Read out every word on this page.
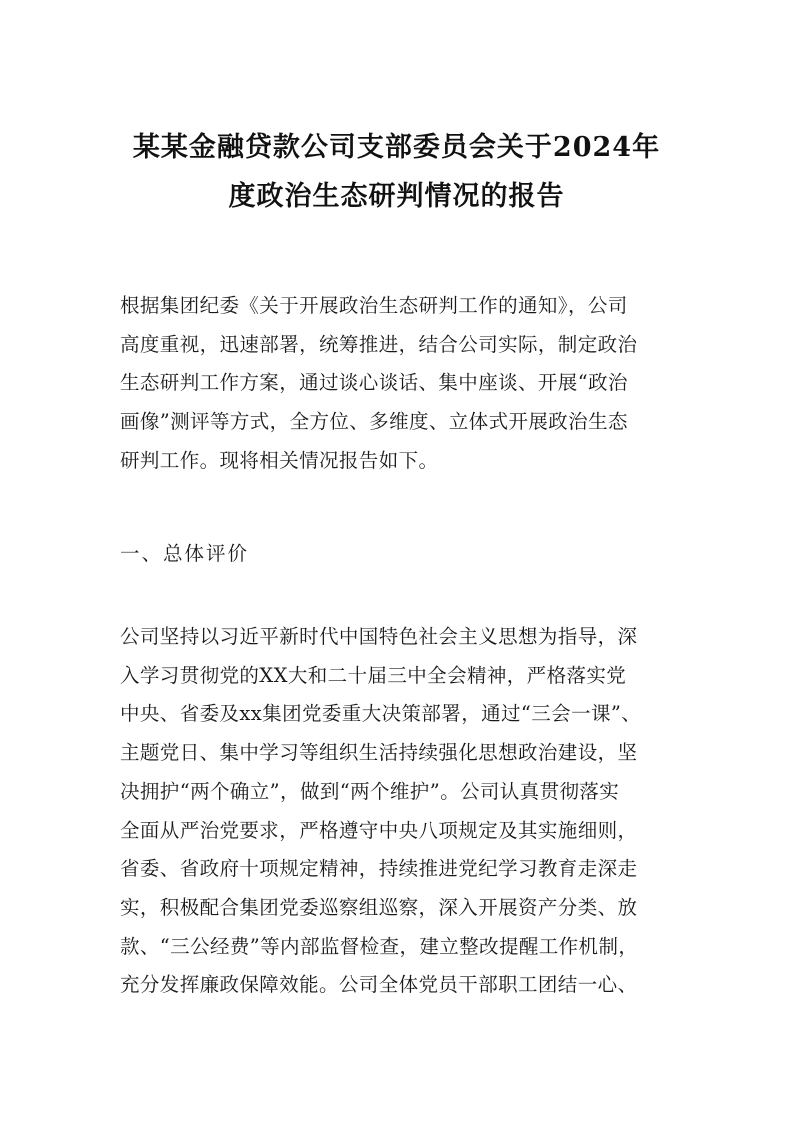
某某金融贷款公司支部委员会关于2024年
度政治生态研判情况的报告
根据集团纪委《关于开展政治生态研判工作的通知》，公司
高度重视，迅速部署，统筹推进，结合公司实际，制定政治
生态研判工作方案，通过谈心谈话、集中座谈、开展“政治
画像”测评等方式，全方位、多维度、立体式开展政治生态
研判工作。现将相关情况报告如下。
一、总体评价
公司坚持以习近平新时代中国特色社会主义思想为指导，深
入学习贯彻党的XX大和二十届三中全会精神，严格落实党
中央、省委及xx集团党委重大决策部署，通过“三会一课”、
主题党日、集中学习等组织生活持续强化思想政治建设，坚
决拥护“两个确立”，做到“两个维护”。公司认真贯彻落实
全面从严治党要求，严格遵守中央八项规定及其实施细则，
省委、省政府十项规定精神，持续推进党纪学习教育走深走
实，积极配合集团党委巡察组巡察，深入开展资产分类、放
款、“三公经费”等内部监督检查，建立整改提醒工作机制，
充分发挥廉政保障效能。公司全体党员干部职工团结一心、
